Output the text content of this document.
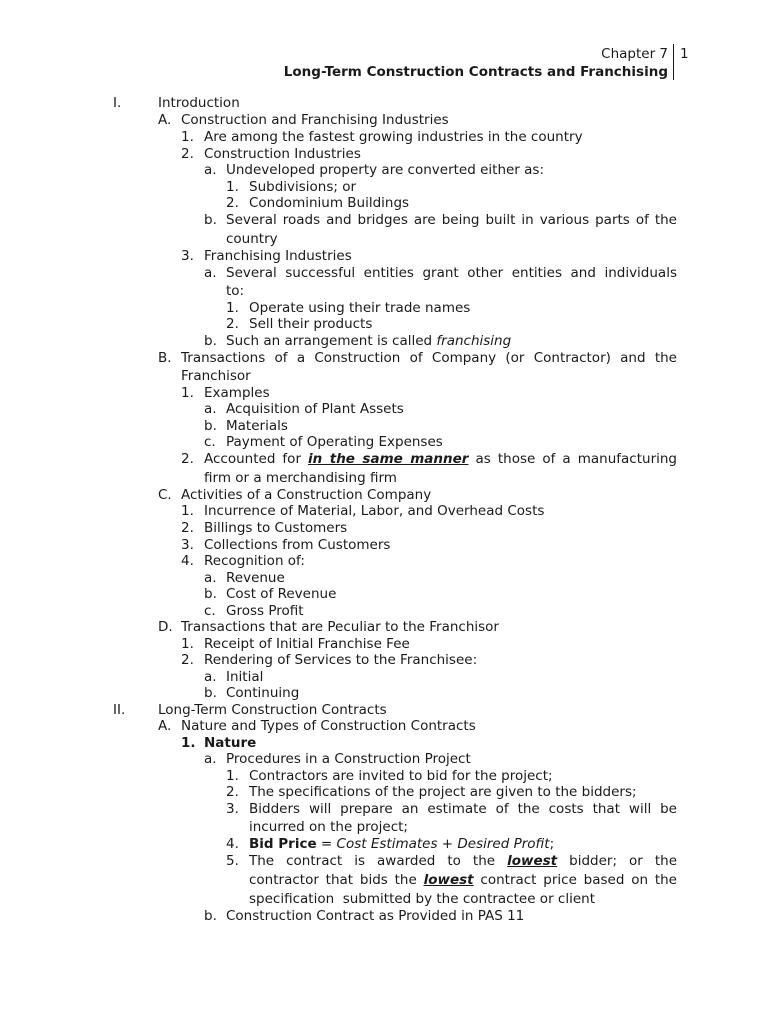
Chapter 7 1
Long-Term Construction Contracts and Franchising
I.	Introduction
A. Construction and Franchising Industries
1. Are among the fastest growing industries in the country
2. Construction Industries
a. Undeveloped property are converted either as:
1. Subdivisions; or
2. Condominium Buildings
b. Several roads and bridges are being built in various parts of the
country
3. Franchising Industries
a. Several successful entities grant other entities and individuals
to:
1. Operate using their trade names
2. Sell their products
b. Such an arrangement is called franchising
B. Transactions of a Construction of Company (or Contractor) and the
Franchisor
1. Examples
a. Acquisition of Plant Assets
b. Materials
c. Payment of Operating Expenses
2. Accounted for in the same manner as those of a manufacturing
firm or a merchandising firm
C. Activities of a Construction Company
1. Incurrence of Material, Labor, and Overhead Costs
2. Billings to Customers
3. Collections from Customers
4. Recognition of:
a. Revenue
b. Cost of Revenue
c. Gross Profit
D. Transactions that are Peculiar to the Franchisor
1. Receipt of Initial Franchise Fee
2. Rendering of Services to the Franchisee:
a. Initial
b. Continuing
II. Long-Term Construction Contracts
A. Nature and Types of Construction Contracts
1. Nature
a. Procedures in a Construction Project
1. Contractors are invited to bid for the project;
2. The specifications of the project are given to the bidders;
3. Bidders will prepare an estimate of the costs that will be
incurred on the project;
4. Bid Price = Cost Estimates + Desired Profit;
5. The contract is awarded to the lowest bidder; or the
contractor that bids the lowest contract price based on the
specification  submitted by the contractee or client
b. Construction Contract as Provided in PAS 11
